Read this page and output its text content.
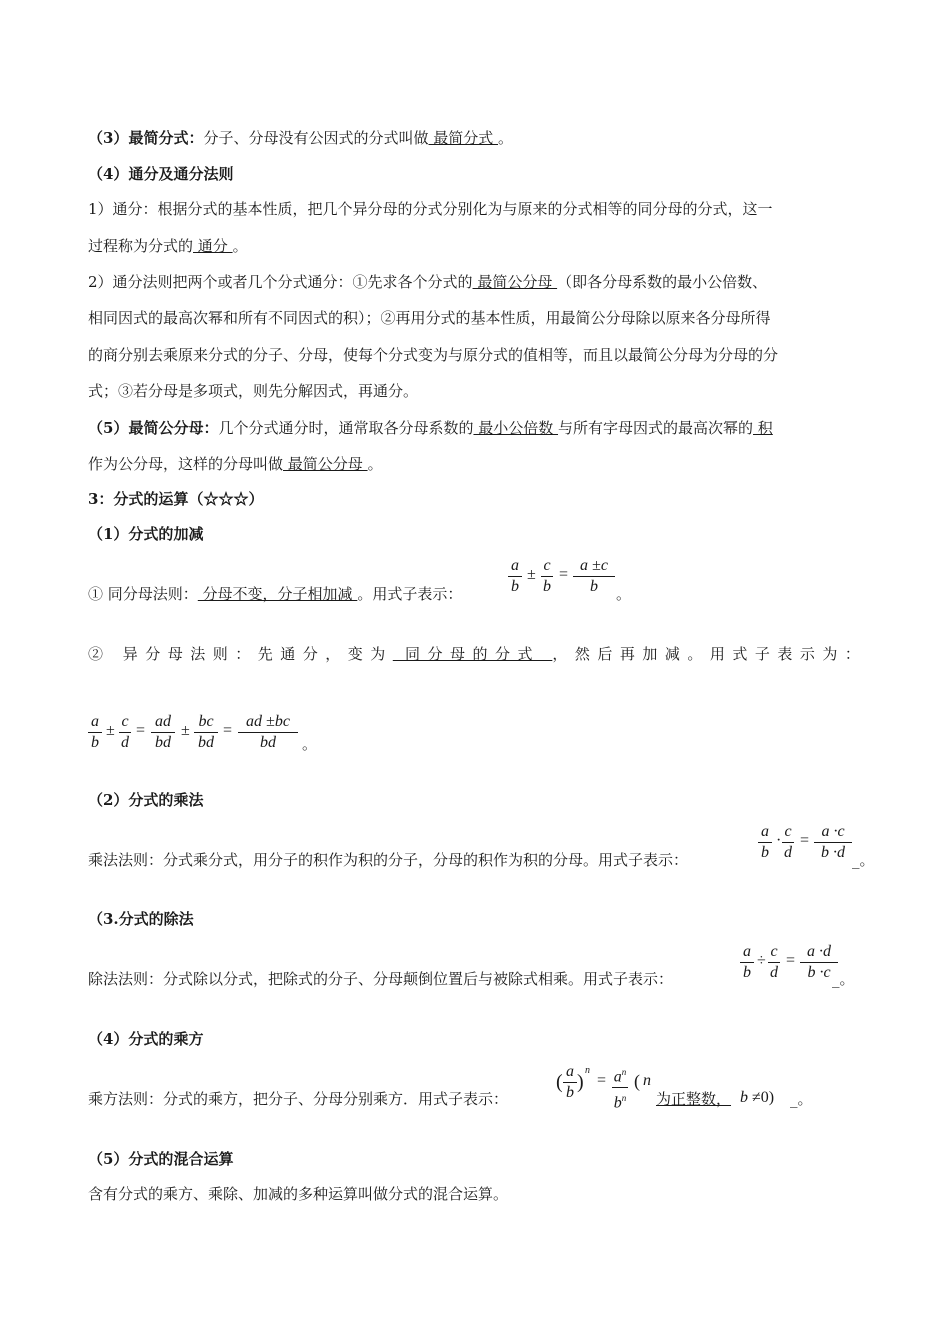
（3）最简分式：分子、分母没有公因式的分式叫做 最简分式 。
（4）通分及通分法则
1）通分：根据分式的基本性质，把几个异分母的分式分别化为与原来的分式相等的同分母的分式，这一
过程称为分式的 通分 。
2）通分法则把两个或者几个分式通分：①先求各个分式的 最简公分母 （即各分母系数的最小公倍数、
相同因式的最高次幂和所有不同因式的积）；②再用分式的基本性质，用最简公分母除以原来各分母所得
的商分别去乘原来分式的分子、分母，使每个分式变为与原分式的值相等，而且以最简公分母为分母的分
式；③若分母是多项式，则先分解因式，再通分。
（5）最简公分母：几个分式通分时，通常取各分母系数的 最小公倍数 与所有字母因式的最高次幂的 积
作为公分母，这样的分母叫做 最简公分母 。
3：分式的运算（☆☆☆）
（1）分式的加减
① 同分母法则： 分母不变，分子相加减 。用式子表示：
a
b
±
c
b
=
a ±c
b	。
② 异分母法则：先通分，变为 同分母的分式 ，然后再加减。用式子表示为：
a
b
±
c
d
=
ad
bd
±
bc
bd
=
ad ±bc
bd	。
（2）分式的乘法
乘法法则：分式乘分式，用分子的积作为积的分子，分母的积作为积的分母。用式子表示：
a
b
·
c
d
=
a ·c
b ·d _。
（3.分式的除法
除法法则：分式除以分式，把除式的分子、分母颠倒位置后与被除式相乘。用式子表示：
a
b
÷
c
d
=
a ·d
b ·c _。
（4）分式的乘方
乘方法则：分式的乘方，把分子、分母分别乘方．用式子表示：
( a
b )
n
= $a^n$
$b^n$
( n
为正整数， b ≠0) _。
（5）分式的混合运算
含有分式的乘方、乘除、加减的多种运算叫做分式的混合运算。
